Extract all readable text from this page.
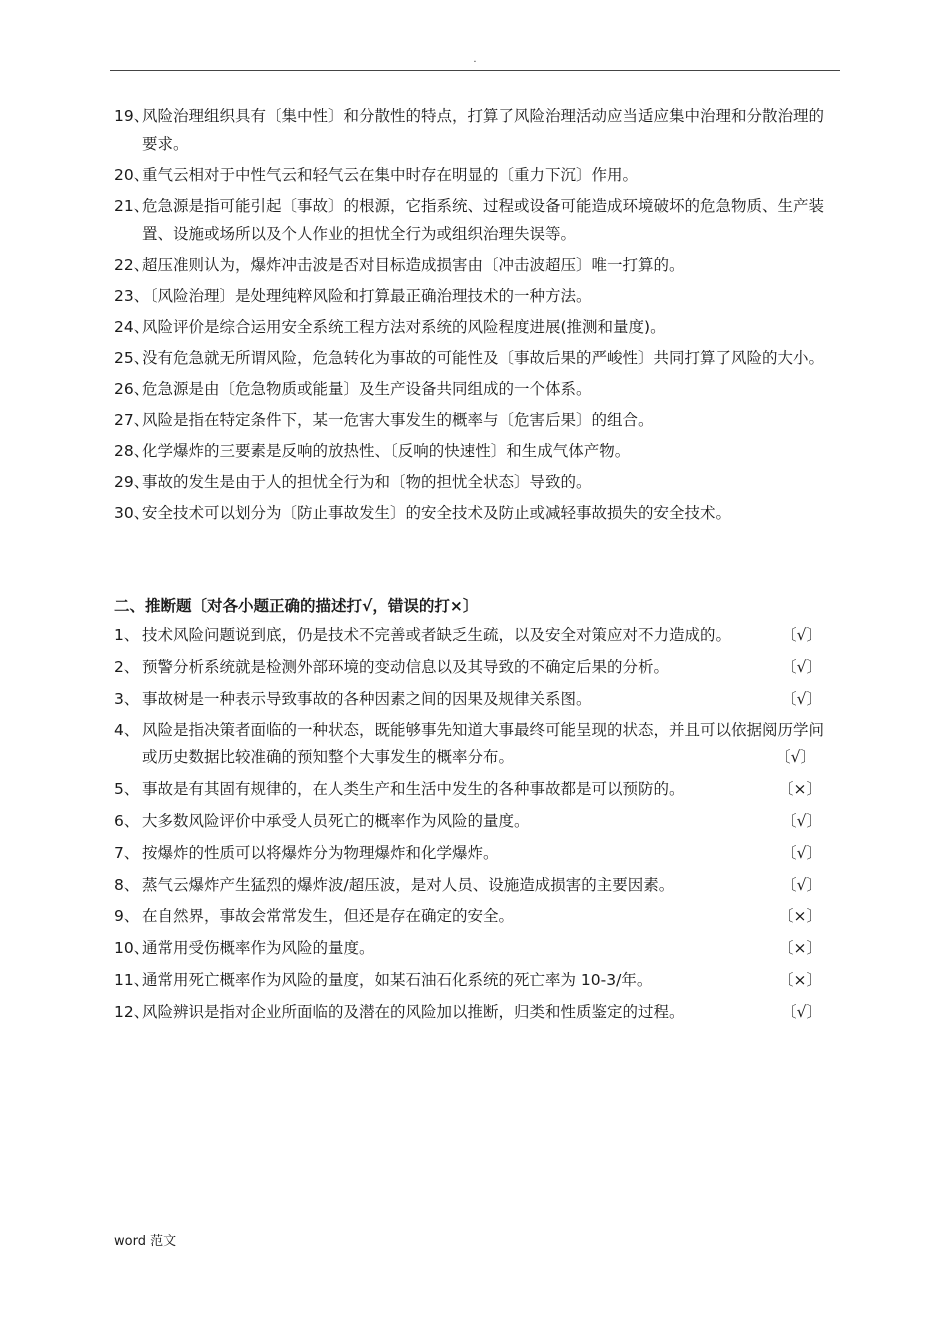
.
19、
风险治理组织具有〔集中性〕和分散性的特点，打算了风险治理活动应当适应集中治理和分散治理的要求。
20、
重气云相对于中性气云和轻气云在集中时存在明显的〔重力下沉〕作用。
21、
危急源是指可能引起〔事故〕的根源，它指系统、过程或设备可能造成环境破坏的危急物质、生产装置、设施或场所以及个人作业的担忧全行为或组织治理失误等。
22、
超压准则认为，爆炸冲击波是否对目标造成损害由〔冲击波超压〕唯一打算的。
23、
〔风险治理〕是处理纯粹风险和打算最正确治理技术的一种方法。
24、
风险评价是综合运用安全系统工程方法对系统的风险程度进展(推测和量度)。
25、
没有危急就无所谓风险，危急转化为事故的可能性及〔事故后果的严峻性〕共同打算了风险的大小。
26、
危急源是由〔危急物质或能量〕及生产设备共同组成的一个体系。
27、
风险是指在特定条件下，某一危害大事发生的概率与〔危害后果〕的组合。
28、
化学爆炸的三要素是反响的放热性、〔反响的快速性〕和生成气体产物。
29、
事故的发生是由于人的担忧全行为和〔物的担忧全状态〕导致的。
30、
安全技术可以划分为〔防止事故发生〕的安全技术及防止或减轻事故损失的安全技术。
二、推断题〔对各小题正确的描述打√，错误的打×〕
1、 技术风险问题说到底，仍是技术不完善或者缺乏生疏，以及安全对策应对不力造成的。	〔√〕
2、 预警分析系统就是检测外部环境的变动信息以及其导致的不确定后果的分析。	〔√〕
3、 事故树是一种表示导致事故的各种因素之间的因果及规律关系图。	〔√〕
4、 风险是指决策者面临的一种状态，既能够事先知道大事最终可能呈现的状态，并且可以依据阅历学问或历史数据比较准确的预知整个大事发生的概率分布。	〔√〕
5、 事故是有其固有规律的，在人类生产和生活中发生的各种事故都是可以预防的。	〔×〕
6、 大多数风险评价中承受人员死亡的概率作为风险的量度。	〔√〕
7、 按爆炸的性质可以将爆炸分为物理爆炸和化学爆炸。	〔√〕
8、 蒸气云爆炸产生猛烈的爆炸波/超压波，是对人员、设施造成损害的主要因素。	〔√〕
9、 在自然界，事故会常常发生，但还是存在确定的安全。	〔×〕
10、
通常用受伤概率作为风险的量度。	〔×〕
11、
通常用死亡概率作为风险的量度，如某石油石化系统的死亡率为 10-3/年。	〔×〕
12、
风险辨识是指对企业所面临的及潜在的风险加以推断，归类和性质鉴定的过程。	〔√〕
word 范文
